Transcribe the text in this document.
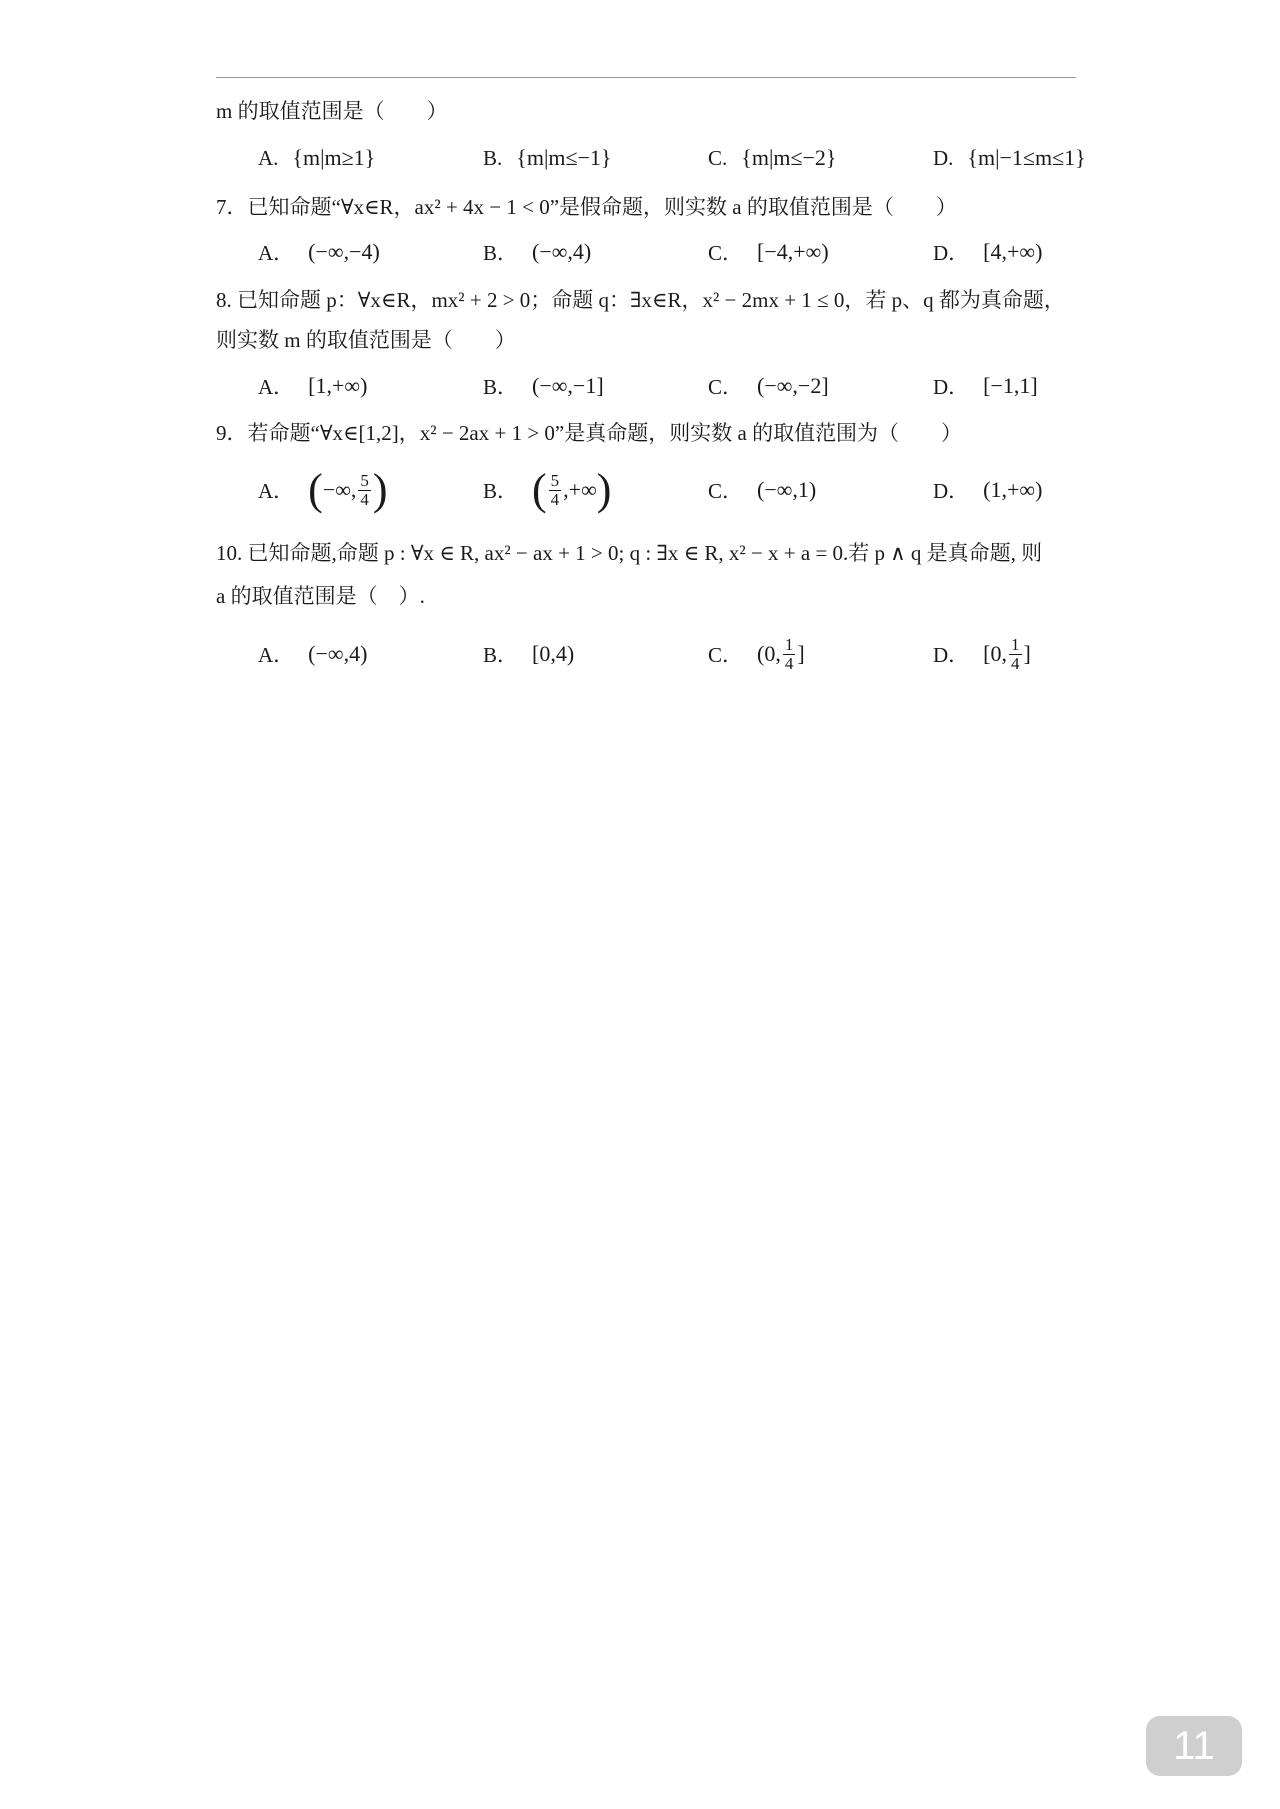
m 的取值范围是（　　）
A. {m|m≥1}	B. {m|m≤−1}	C. {m|m≤−2}	D. {m|−1≤m≤1}
7．已知命题“∀x∈R，ax² + 4x − 1 < 0”是假命题，则实数 a 的取值范围是（　　）
A． (−∞,−4)	B． (−∞,4)	C． [−4,+∞)	D． [4,+∞)
8. 已知命题 p：∀x∈R，mx² + 2 > 0；命题 q：∃x∈R，x² − 2mx + 1 ≤ 0，若 p、q 都为真命题，
则实数 m 的取值范围是（　　）
A． [1,+∞)	B． (−∞,−1]	C． (−∞,−2]	D． [−1,1]
9．若命题“∀x∈[1,2]，x² − 2ax + 1 > 0”是真命题，则实数 a 的取值范围为（　　）
A． ( −∞, $\frac{5}{4}$ )	B． ( $\frac{5}{4}$ ,+∞ )	C． (−∞,1)	D． (1,+∞)
10. 已知命题,命题 p : ∀x ∈ R, ax² − ax + 1 > 0; q : ∃x ∈ R, x² − x + a = 0.若 p ∧ q 是真命题, 则
a 的取值范围是（　）.
A． (−∞,4)	B． [0,4)	C． (0, $\frac{1}{4}$ ]	D． [0, $\frac{1}{4}$ ]
11
